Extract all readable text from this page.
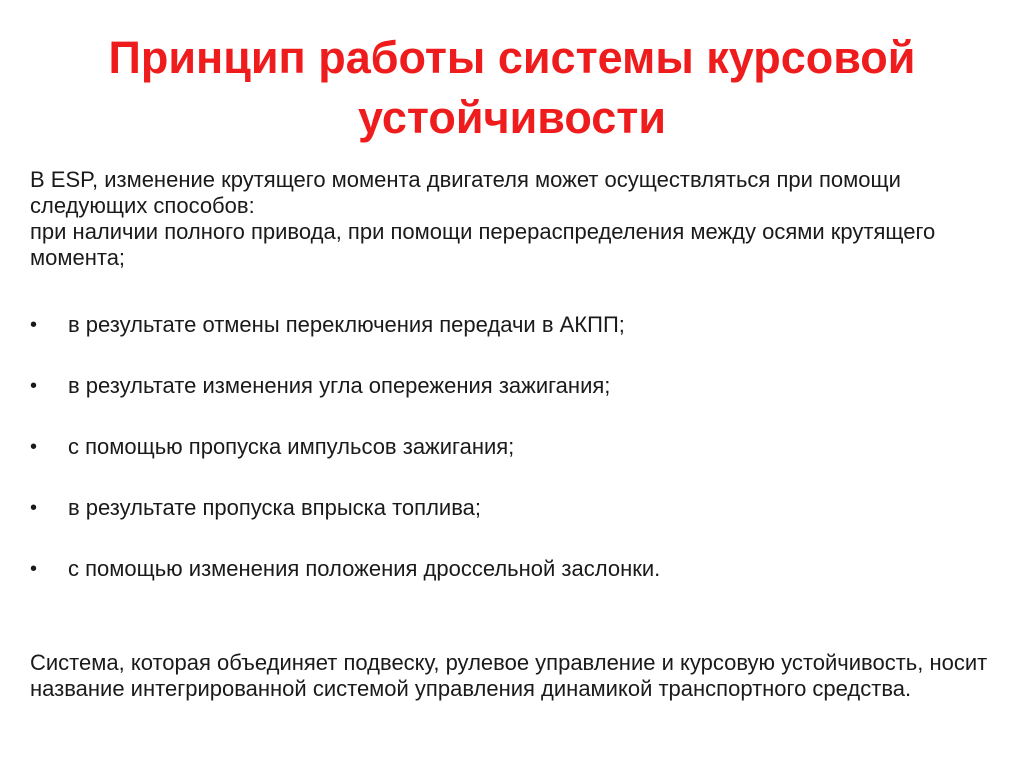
Принцип работы системы курсовой устойчивости

В ESP, изменение крутящего момента двигателя может осуществляться при помощи следующих способов:

при наличии полного привода, при помощи перераспределения между осями крутящего момента;

•	в результате отмены переключения передачи в АКПП;
•	в результате изменения угла опережения зажигания;
•	с помощью пропуска импульсов зажигания;
•	в результате пропуска впрыска топлива;
•	с помощью изменения положения дроссельной заслонки.

Система, которая объединяет подвеску, рулевое управление и курсовую устойчивость, носит название интегрированной системой управления динамикой транспортного средства.
